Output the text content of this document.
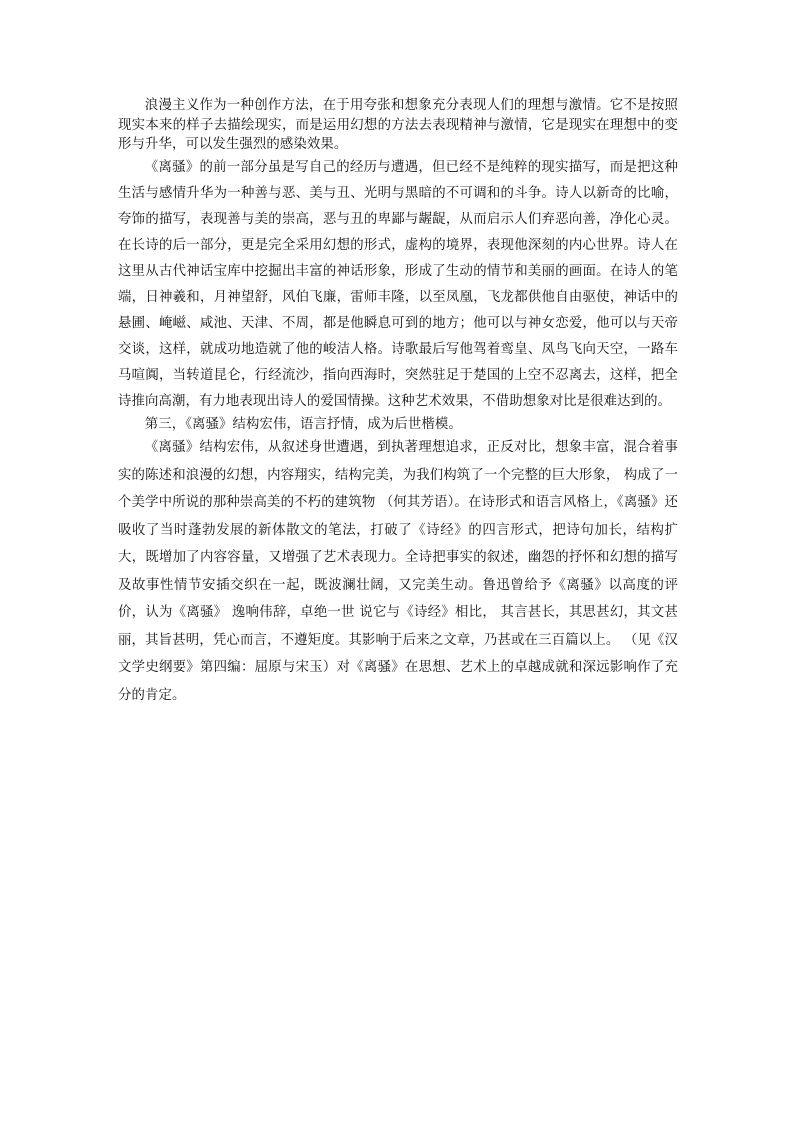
浪漫主义作为一种创作方法，在于用夸张和想象充分表现人们的理想与激情。它不是按照现实本来的样子去描绘现实，而是运用幻想的方法去表现精神与激情，它是现实在理想中的变形与升华，可以发生强烈的感染效果。

《离骚》的前一部分虽是写自己的经历与遭遇，但已经不是纯粹的现实描写，而是把这种生活与感情升华为一种善与恶、美与丑、光明与黑暗的不可调和的斗争。诗人以新奇的比喻，夸饰的描写，表现善与美的崇高，恶与丑的卑鄙与龌龊，从而启示人们弃恶向善，净化心灵。在长诗的后一部分，更是完全采用幻想的形式，虚构的境界，表现他深刻的内心世界。诗人在这里从古代神话宝库中挖掘出丰富的神话形象，形成了生动的情节和美丽的画面。在诗人的笔端，日神羲和，月神望舒，风伯飞廉，雷师丰隆，以至凤凰，飞龙都供他自由驱使，神话中的悬圃、崦嵫、咸池、天津、不周，都是他瞬息可到的地方；他可以与神女恋爱，他可以与天帝交谈，这样，就成功地造就了他的峻洁人格。诗歌最后写他驾着鸾皇、凤鸟飞向天空，一路车马喧阗，当转道昆仑，行经流沙，指向西海时，突然驻足于楚国的上空不忍离去，这样，把全诗推向高潮，有力地表现出诗人的爱国情操。这种艺术效果，不借助想象对比是很难达到的。

第三，《离骚》结构宏伟，语言抒情，成为后世楷模。

《离骚》结构宏伟，从叙述身世遭遇，到执著理想追求，正反对比，想象丰富，混合着事实的陈述和浪漫的幻想，内容翔实，结构完美，为我们构筑了一个完整的巨大形象， 构成了一个美学中所说的那种崇高美的不朽的建筑物 （何其芳语）。在诗形式和语言风格上，《离骚》还吸收了当时蓬勃发展的新体散文的笔法，打破了《诗经》的四言形式，把诗句加长，结构扩大，既增加了内容容量，又增强了艺术表现力。全诗把事实的叙述，幽怨的抒怀和幻想的描写及故事性情节安插交织在一起，既波澜壮阔，又完美生动。鲁迅曾给予《离骚》以高度的评价，认为《离骚》 逸响伟辞，卓绝一世 说它与《诗经》相比， 其言甚长，其思甚幻，其文甚丽，其旨甚明，凭心而言，不遵矩度。其影响于后来之文章，乃甚或在三百篇以上。 （见《汉文学史纲要》第四编：屈原与宋玉）对《离骚》在思想、艺术上的卓越成就和深远影响作了充分的肯定。
